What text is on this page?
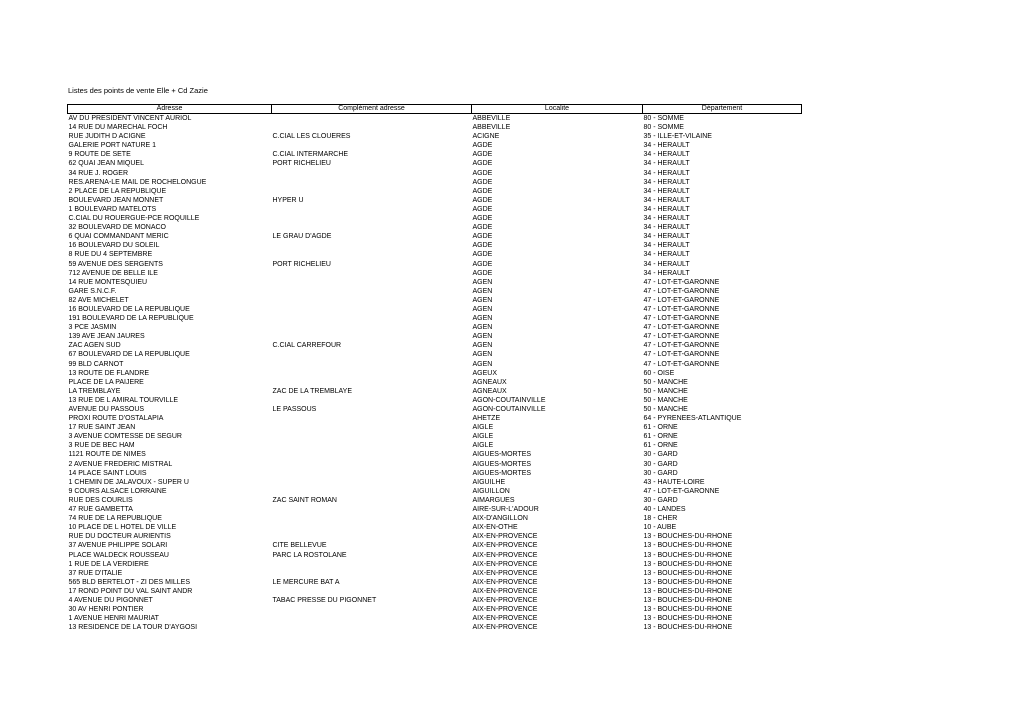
Listes des points de vente Elle + Cd Zazie
Adresse	Complément adresse	Localite	Département
AV DU PRESIDENT VINCENT AURIOL		ABBEVILLE	80 - SOMME
14 RUE DU MARECHAL FOCH		ABBEVILLE	80 - SOMME
RUE JUDITH D ACIGNE	C.CIAL LES CLOUERES	ACIGNE	35 - ILLE-ET-VILAINE
GALERIE PORT NATURE 1		AGDE	34 - HERAULT
9 ROUTE DE SETE	C.CIAL INTERMARCHE	AGDE	34 - HERAULT
62 QUAI JEAN MIQUEL	PORT RICHELIEU	AGDE	34 - HERAULT
34 RUE J. ROGER		AGDE	34 - HERAULT
RES.ARENA-LE MAIL DE ROCHELONGUE		AGDE	34 - HERAULT
2 PLACE DE LA REPUBLIQUE		AGDE	34 - HERAULT
BOULEVARD JEAN MONNET	HYPER U	AGDE	34 - HERAULT
1 BOULEVARD MATELOTS		AGDE	34 - HERAULT
C.CIAL DU ROUERGUE-PCE ROQUILLE		AGDE	34 - HERAULT
32 BOULEVARD DE MONACO		AGDE	34 - HERAULT
6 QUAI COMMANDANT MERIC	LE GRAU D'AGDE	AGDE	34 - HERAULT
16 BOULEVARD DU SOLEIL		AGDE	34 - HERAULT
8 RUE DU 4 SEPTEMBRE		AGDE	34 - HERAULT
59 AVENUE DES SERGENTS	PORT RICHELIEU	AGDE	34 - HERAULT
712 AVENUE DE BELLE ILE		AGDE	34 - HERAULT
14 RUE MONTESQUIEU		AGEN	47 - LOT-ET-GARONNE
GARE S.N.C.F.		AGEN	47 - LOT-ET-GARONNE
82 AVE MICHELET		AGEN	47 - LOT-ET-GARONNE
16 BOULEVARD DE LA REPUBLIQUE		AGEN	47 - LOT-ET-GARONNE
191 BOULEVARD DE LA REPUBLIQUE		AGEN	47 - LOT-ET-GARONNE
3 PCE JASMIN		AGEN	47 - LOT-ET-GARONNE
139 AVE JEAN JAURES		AGEN	47 - LOT-ET-GARONNE
ZAC AGEN SUD	C.CIAL CARREFOUR	AGEN	47 - LOT-ET-GARONNE
67 BOULEVARD DE LA REPUBLIQUE		AGEN	47 - LOT-ET-GARONNE
99 BLD CARNOT		AGEN	47 - LOT-ET-GARONNE
13 ROUTE DE FLANDRE		AGEUX	60 - OISE
PLACE DE LA PAIJERE		AGNEAUX	50 - MANCHE
LA TREMBLAYE	ZAC DE LA TREMBLAYE	AGNEAUX	50 - MANCHE
13 RUE DE L AMIRAL TOURVILLE		AGON-COUTAINVILLE	50 - MANCHE
AVENUE DU PASSOUS	LE PASSOUS	AGON-COUTAINVILLE	50 - MANCHE
PROXI ROUTE D'OSTALAPIA		AHETZE	64 - PYRENEES-ATLANTIQUE
17 RUE SAINT JEAN		AIGLE	61 - ORNE
3 AVENUE COMTESSE DE SEGUR		AIGLE	61 - ORNE
3 RUE DE BEC HAM		AIGLE	61 - ORNE
1121 ROUTE DE NIMES		AIGUES-MORTES	30 - GARD
2 AVENUE FREDERIC MISTRAL		AIGUES-MORTES	30 - GARD
14 PLACE SAINT LOUIS		AIGUES-MORTES	30 - GARD
1 CHEMIN DE JALAVOUX - SUPER U		AIGUILHE	43 - HAUTE-LOIRE
9 COURS ALSACE LORRAINE		AIGUILLON	47 - LOT-ET-GARONNE
RUE DES COURLIS	ZAC SAINT ROMAN	AIMARGUES	30 - GARD
47 RUE GAMBETTA		AIRE-SUR-L'ADOUR	40 - LANDES
74 RUE DE LA REPUBLIQUE		AIX-D'ANGILLON	18 - CHER
10 PLACE DE L HOTEL DE VILLE		AIX-EN-OTHE	10 - AUBE
RUE DU DOCTEUR AURIENTIS		AIX-EN-PROVENCE	13 - BOUCHES-DU-RHONE
37 AVENUE PHILIPPE SOLARI	CITE BELLEVUE	AIX-EN-PROVENCE	13 - BOUCHES-DU-RHONE
PLACE WALDECK ROUSSEAU	PARC LA ROSTOLANE	AIX-EN-PROVENCE	13 - BOUCHES-DU-RHONE
1 RUE DE LA VERDIERE		AIX-EN-PROVENCE	13 - BOUCHES-DU-RHONE
37 RUE D'ITALIE		AIX-EN-PROVENCE	13 - BOUCHES-DU-RHONE
565 BLD BERTELOT - ZI DES MILLES	LE MERCURE BAT A	AIX-EN-PROVENCE	13 - BOUCHES-DU-RHONE
17 ROND POINT DU VAL SAINT ANDR		AIX-EN-PROVENCE	13 - BOUCHES-DU-RHONE
4 AVENUE DU PIGONNET	TABAC PRESSE DU PIGONNET	AIX-EN-PROVENCE	13 - BOUCHES-DU-RHONE
30 AV HENRI PONTIER		AIX-EN-PROVENCE	13 - BOUCHES-DU-RHONE
1 AVENUE HENRI MAURIAT		AIX-EN-PROVENCE	13 - BOUCHES-DU-RHONE
13 RESIDENCE DE LA TOUR D'AYGOSI		AIX-EN-PROVENCE	13 - BOUCHES-DU-RHONE
